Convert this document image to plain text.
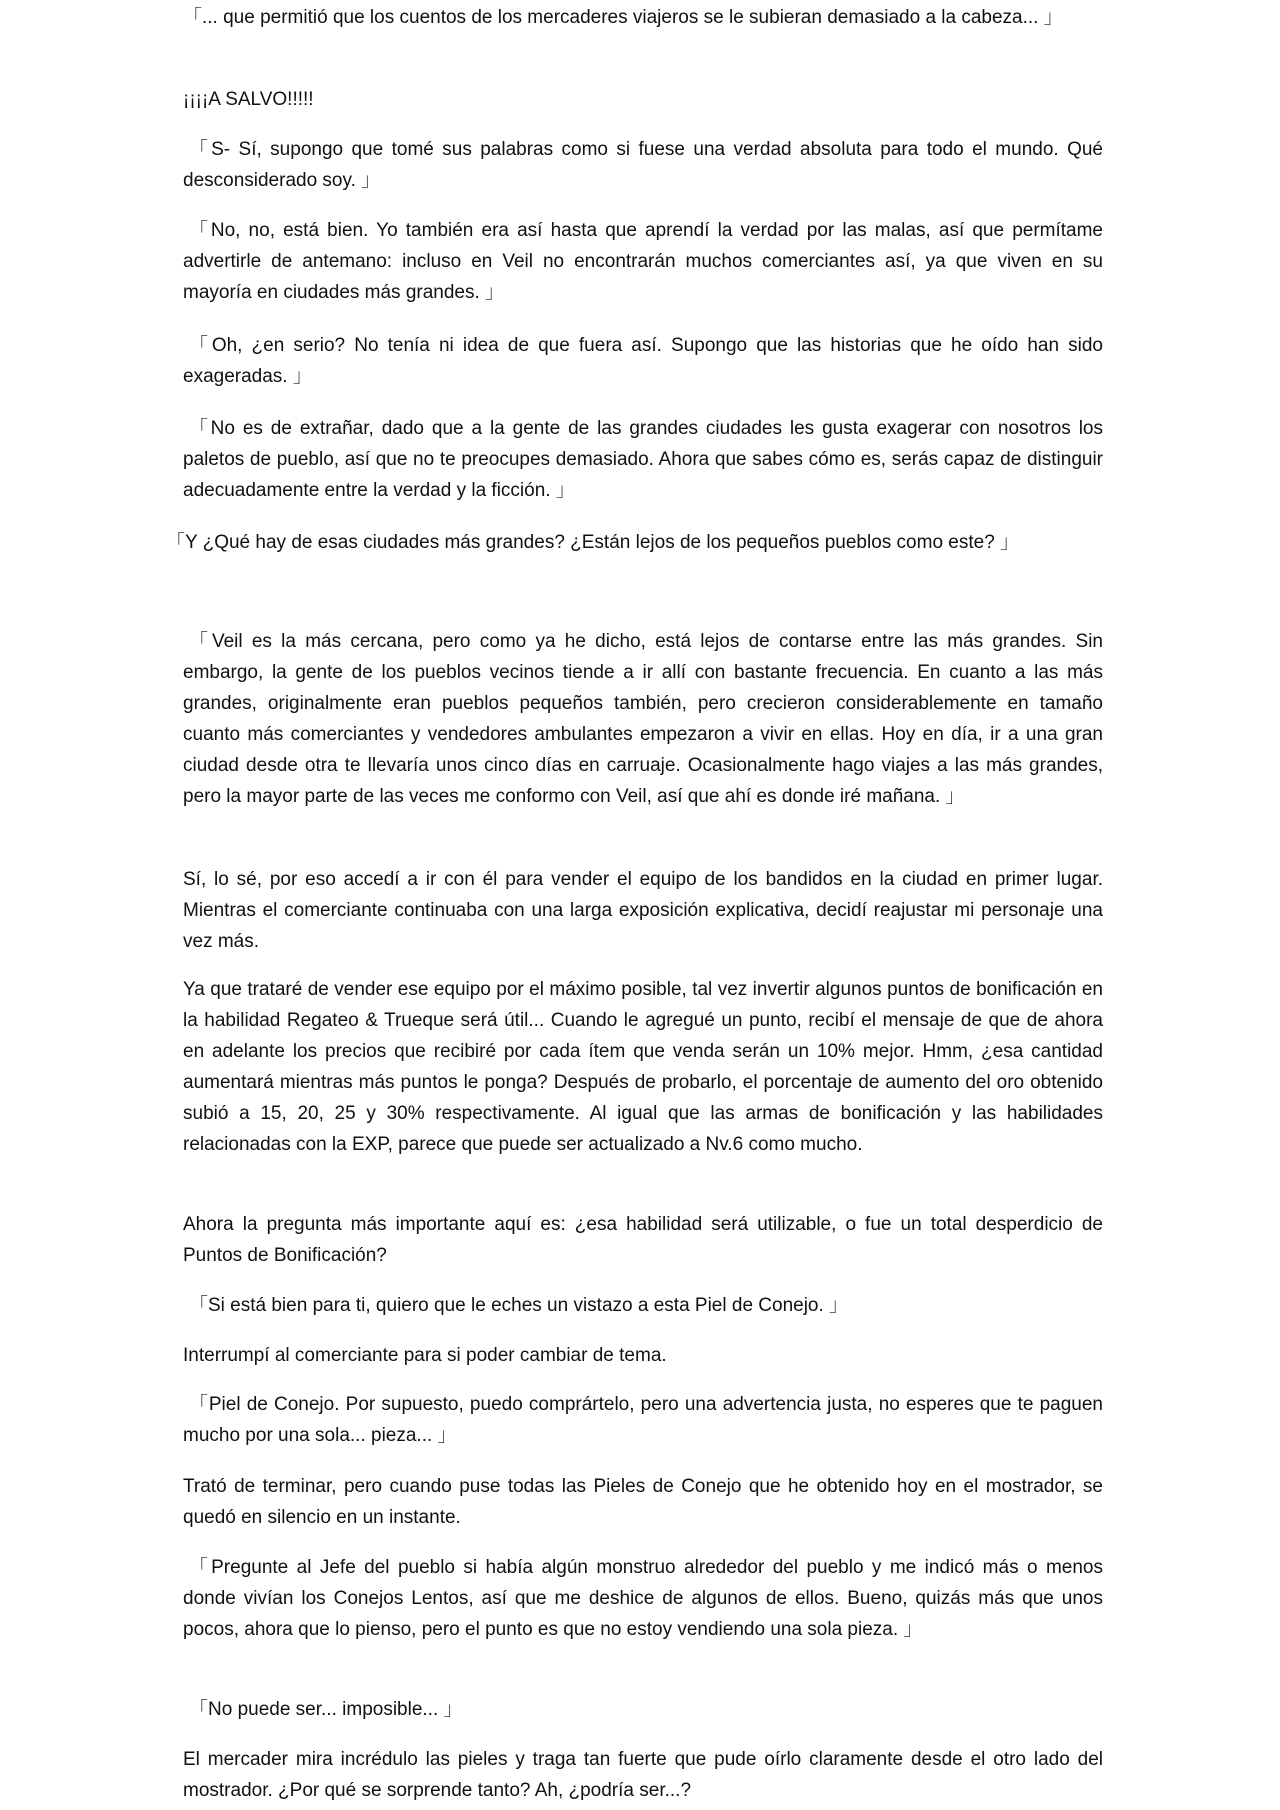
「... que permitió que los cuentos de los mercaderes viajeros se le subieran demasiado a la cabeza... 」

¡¡¡¡A SALVO!!!!!

「S- Sí, supongo que tomé sus palabras como si fuese una verdad absoluta para todo el mundo. Qué desconsiderado soy. 」

「No, no, está bien. Yo también era así hasta que aprendí la verdad por las malas, así que permítame advertirle de antemano: incluso en Veil no encontrarán muchos comerciantes así, ya que viven en su mayoría en ciudades más grandes. 」

「Oh, ¿en serio? No tenía ni idea de que fuera así. Supongo que las historias que he oído han sido exageradas. 」

「No es de extrañar, dado que a la gente de las grandes ciudades les gusta exagerar con nosotros los paletos de pueblo, así que no te preocupes demasiado. Ahora que sabes cómo es, serás capaz de distinguir adecuadamente entre la verdad y la ficción. 」

「Y ¿Qué hay de esas ciudades más grandes? ¿Están lejos de los pequeños pueblos como este? 」

「Veil es la más cercana, pero como ya he dicho, está lejos de contarse entre las más grandes. Sin embargo, la gente de los pueblos vecinos tiende a ir allí con bastante frecuencia. En cuanto a las más grandes, originalmente eran pueblos pequeños también, pero crecieron considerablemente en tamaño cuanto más comerciantes y vendedores ambulantes empezaron a vivir en ellas. Hoy en día, ir a una gran ciudad desde otra te llevaría unos cinco días en carruaje. Ocasionalmente hago viajes a las más grandes, pero la mayor parte de las veces me conformo con Veil, así que ahí es donde iré mañana. 」

Sí, lo sé, por eso accedí a ir con él para vender el equipo de los bandidos en la ciudad en primer lugar. Mientras el comerciante continuaba con una larga exposición explicativa, decidí reajustar mi personaje una vez más.

Ya que trataré de vender ese equipo por el máximo posible, tal vez invertir algunos puntos de bonificación en la habilidad Regateo & Trueque será útil... Cuando le agregué un punto, recibí el mensaje de que de ahora en adelante los precios que recibiré por cada ítem que venda serán un 10% mejor. Hmm, ¿esa cantidad aumentará mientras más puntos le ponga? Después de probarlo, el porcentaje de aumento del oro obtenido subió a 15, 20, 25 y 30% respectivamente. Al igual que las armas de bonificación y las habilidades relacionadas con la EXP, parece que puede ser actualizado a Nv.6 como mucho.

Ahora la pregunta más importante aquí es: ¿esa habilidad será utilizable, o fue un total desperdicio de Puntos de Bonificación?

「Si está bien para ti, quiero que le eches un vistazo a esta Piel de Conejo. 」

Interrumpí al comerciante para si poder cambiar de tema.

「Piel de Conejo. Por supuesto, puedo comprártelo, pero una advertencia justa, no esperes que te paguen mucho por una sola... pieza... 」

Trató de terminar, pero cuando puse todas las Pieles de Conejo que he obtenido hoy en el mostrador, se quedó en silencio en un instante.

「Pregunte al Jefe del pueblo si había algún monstruo alrededor del pueblo y me indicó más o menos donde vivían los Conejos Lentos, así que me deshice de algunos de ellos. Bueno, quizás más que unos pocos, ahora que lo pienso, pero el punto es que no estoy vendiendo una sola pieza. 」

「No puede ser... imposible... 」

El mercader mira incrédulo las pieles y traga tan fuerte que pude oírlo claramente desde el otro lado del mostrador. ¿Por qué se sorprende tanto? Ah, ¿podría ser...?
